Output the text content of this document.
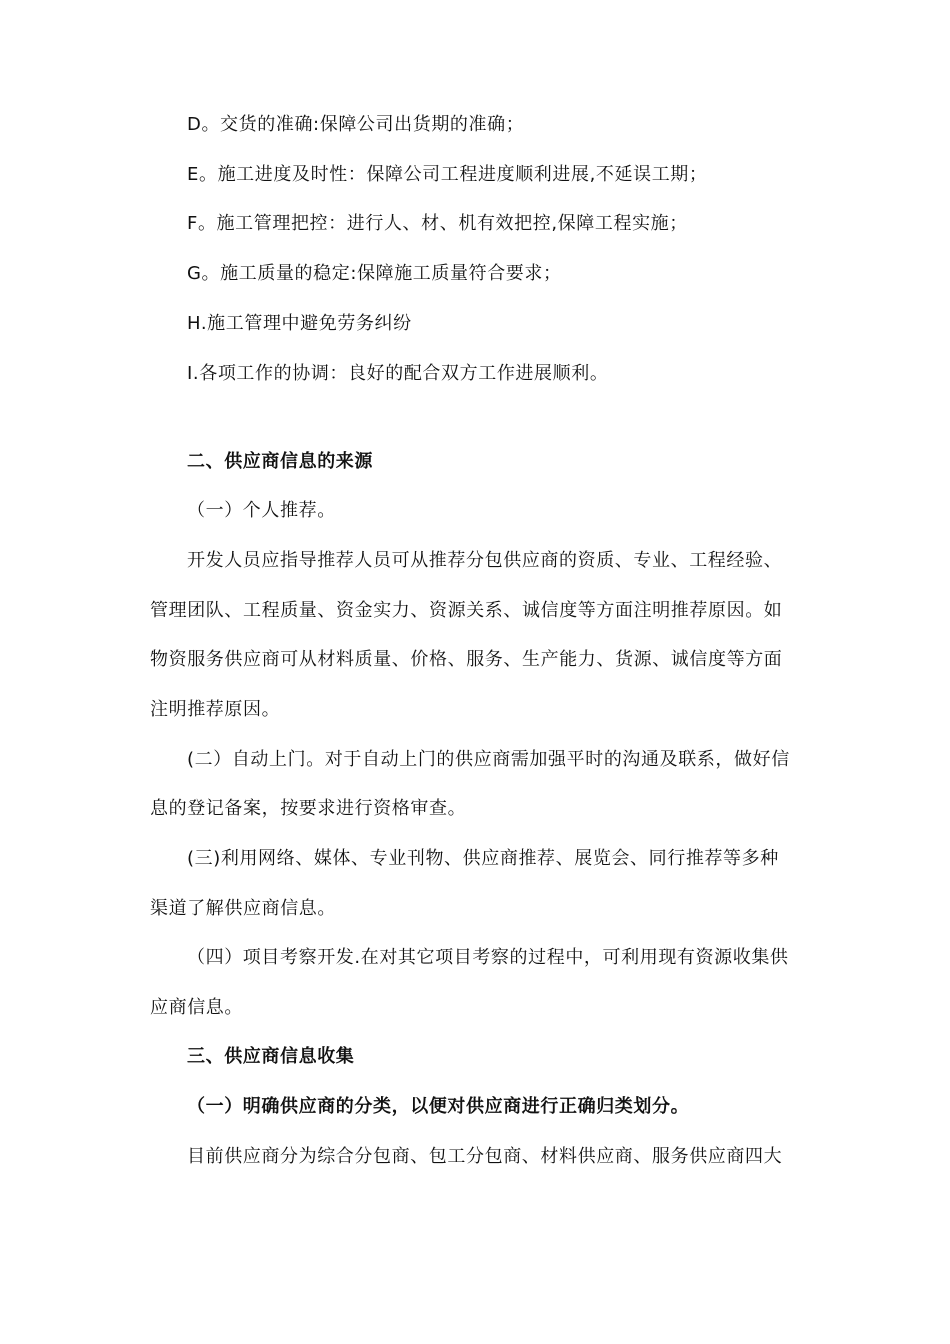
D。交货的准确:保障公司出货期的准确；
E。施工进度及时性：保障公司工程进度顺利进展,不延误工期；
F。施工管理把控：进行人、材、机有效把控,保障工程实施；
G。施工质量的稳定:保障施工质量符合要求；
H.施工管理中避免劳务纠纷
I.各项工作的协调：良好的配合双方工作进展顺利。
二、供应商信息的来源
（一）个人推荐。
开发人员应指导推荐人员可从推荐分包供应商的资质、专业、工程经验、
管理团队、工程质量、资金实力、资源关系、诚信度等方面注明推荐原因。如
物资服务供应商可从材料质量、价格、服务、生产能力、货源、诚信度等方面
注明推荐原因。
(二）自动上门。对于自动上门的供应商需加强平时的沟通及联系，做好信
息的登记备案，按要求进行资格审查。
(三)利用网络、媒体、专业刊物、供应商推荐、展览会、同行推荐等多种
渠道了解供应商信息。
（四）项目考察开发.在对其它项目考察的过程中，可利用现有资源收集供
应商信息。
三、供应商信息收集
（一）明确供应商的分类，以便对供应商进行正确归类划分。
目前供应商分为综合分包商、包工分包商、材料供应商、服务供应商四大
